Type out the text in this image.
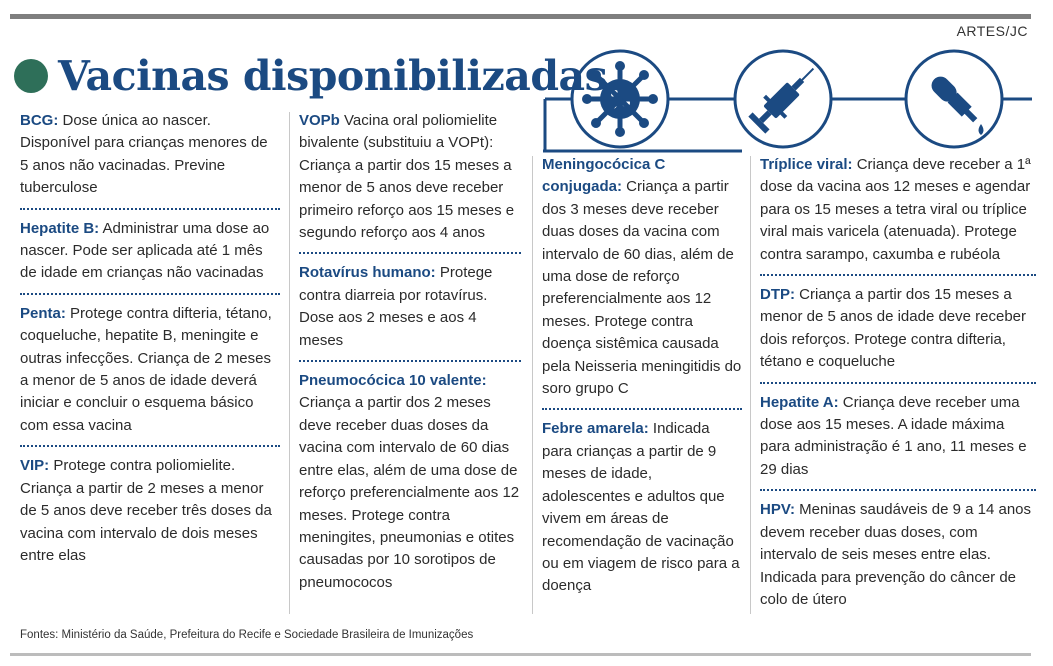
ARTES/JC
Vacinas disponibilizadas
BCG: Dose única ao nascer. Disponível para crianças menores de 5 anos não vacinadas. Previne tuberculose
Hepatite B: Administrar uma dose ao nascer. Pode ser aplicada até 1 mês de idade em crianças não vacinadas
Penta: Protege contra difteria, tétano, coqueluche, hepatite B, meningite e outras infecções. Criança de 2 meses a menor de 5 anos de idade deverá iniciar e concluir o esquema básico com essa vacina
VIP: Protege contra poliomielite. Criança a partir de 2 meses a menor de 5 anos deve receber três doses da vacina com intervalo de dois meses entre elas
VOPb Vacina oral poliomielite bivalente (substituiu a VOPt): Criança a partir dos 15 meses a menor de 5 anos deve receber primeiro reforço aos 15 meses e segundo reforço aos 4 anos
Rotavírus humano: Protege contra diarreia por rotavírus. Dose aos 2 meses e aos 4 meses
Pneumocócica 10 valente: Criança a partir dos 2 meses deve receber duas doses da vacina com intervalo de 60 dias entre elas, além de uma dose de reforço preferencialmente aos 12 meses. Protege contra meningites, pneumonias e otites causadas por 10 sorotipos de pneumococos
Meningocócica C conjugada: Criança a partir dos 3 meses deve receber duas doses da vacina com intervalo de 60 dias, além de uma dose de reforço preferencialmente aos 12 meses. Protege contra doença sistêmica causada pela Neisseria meningitidis do soro grupo C
Febre amarela: Indicada para crianças a partir de 9 meses de idade, adolescentes e adultos que vivem em áreas de recomendação de vacinação ou em viagem de risco para a doença
Tríplice viral: Criança deve receber a 1ª dose da vacina aos 12 meses e agendar para os 15 meses a tetra viral ou tríplice viral mais varicela (atenuada). Protege contra sarampo, caxumba e rubéola
DTP: Criança a partir dos 15 meses a menor de 5 anos de idade deve receber dois reforços. Protege contra difteria, tétano e coqueluche
Hepatite A: Criança deve receber uma dose aos 15 meses. A idade máxima para administração é 1 ano, 11 meses e 29 dias
HPV: Meninas saudáveis de 9 a 14 anos devem receber duas doses, com intervalo de seis meses entre elas. Indicada para prevenção do câncer de colo de útero
Fontes: Ministério da Saúde, Prefeitura do Recife e Sociedade Brasileira de Imunizações
